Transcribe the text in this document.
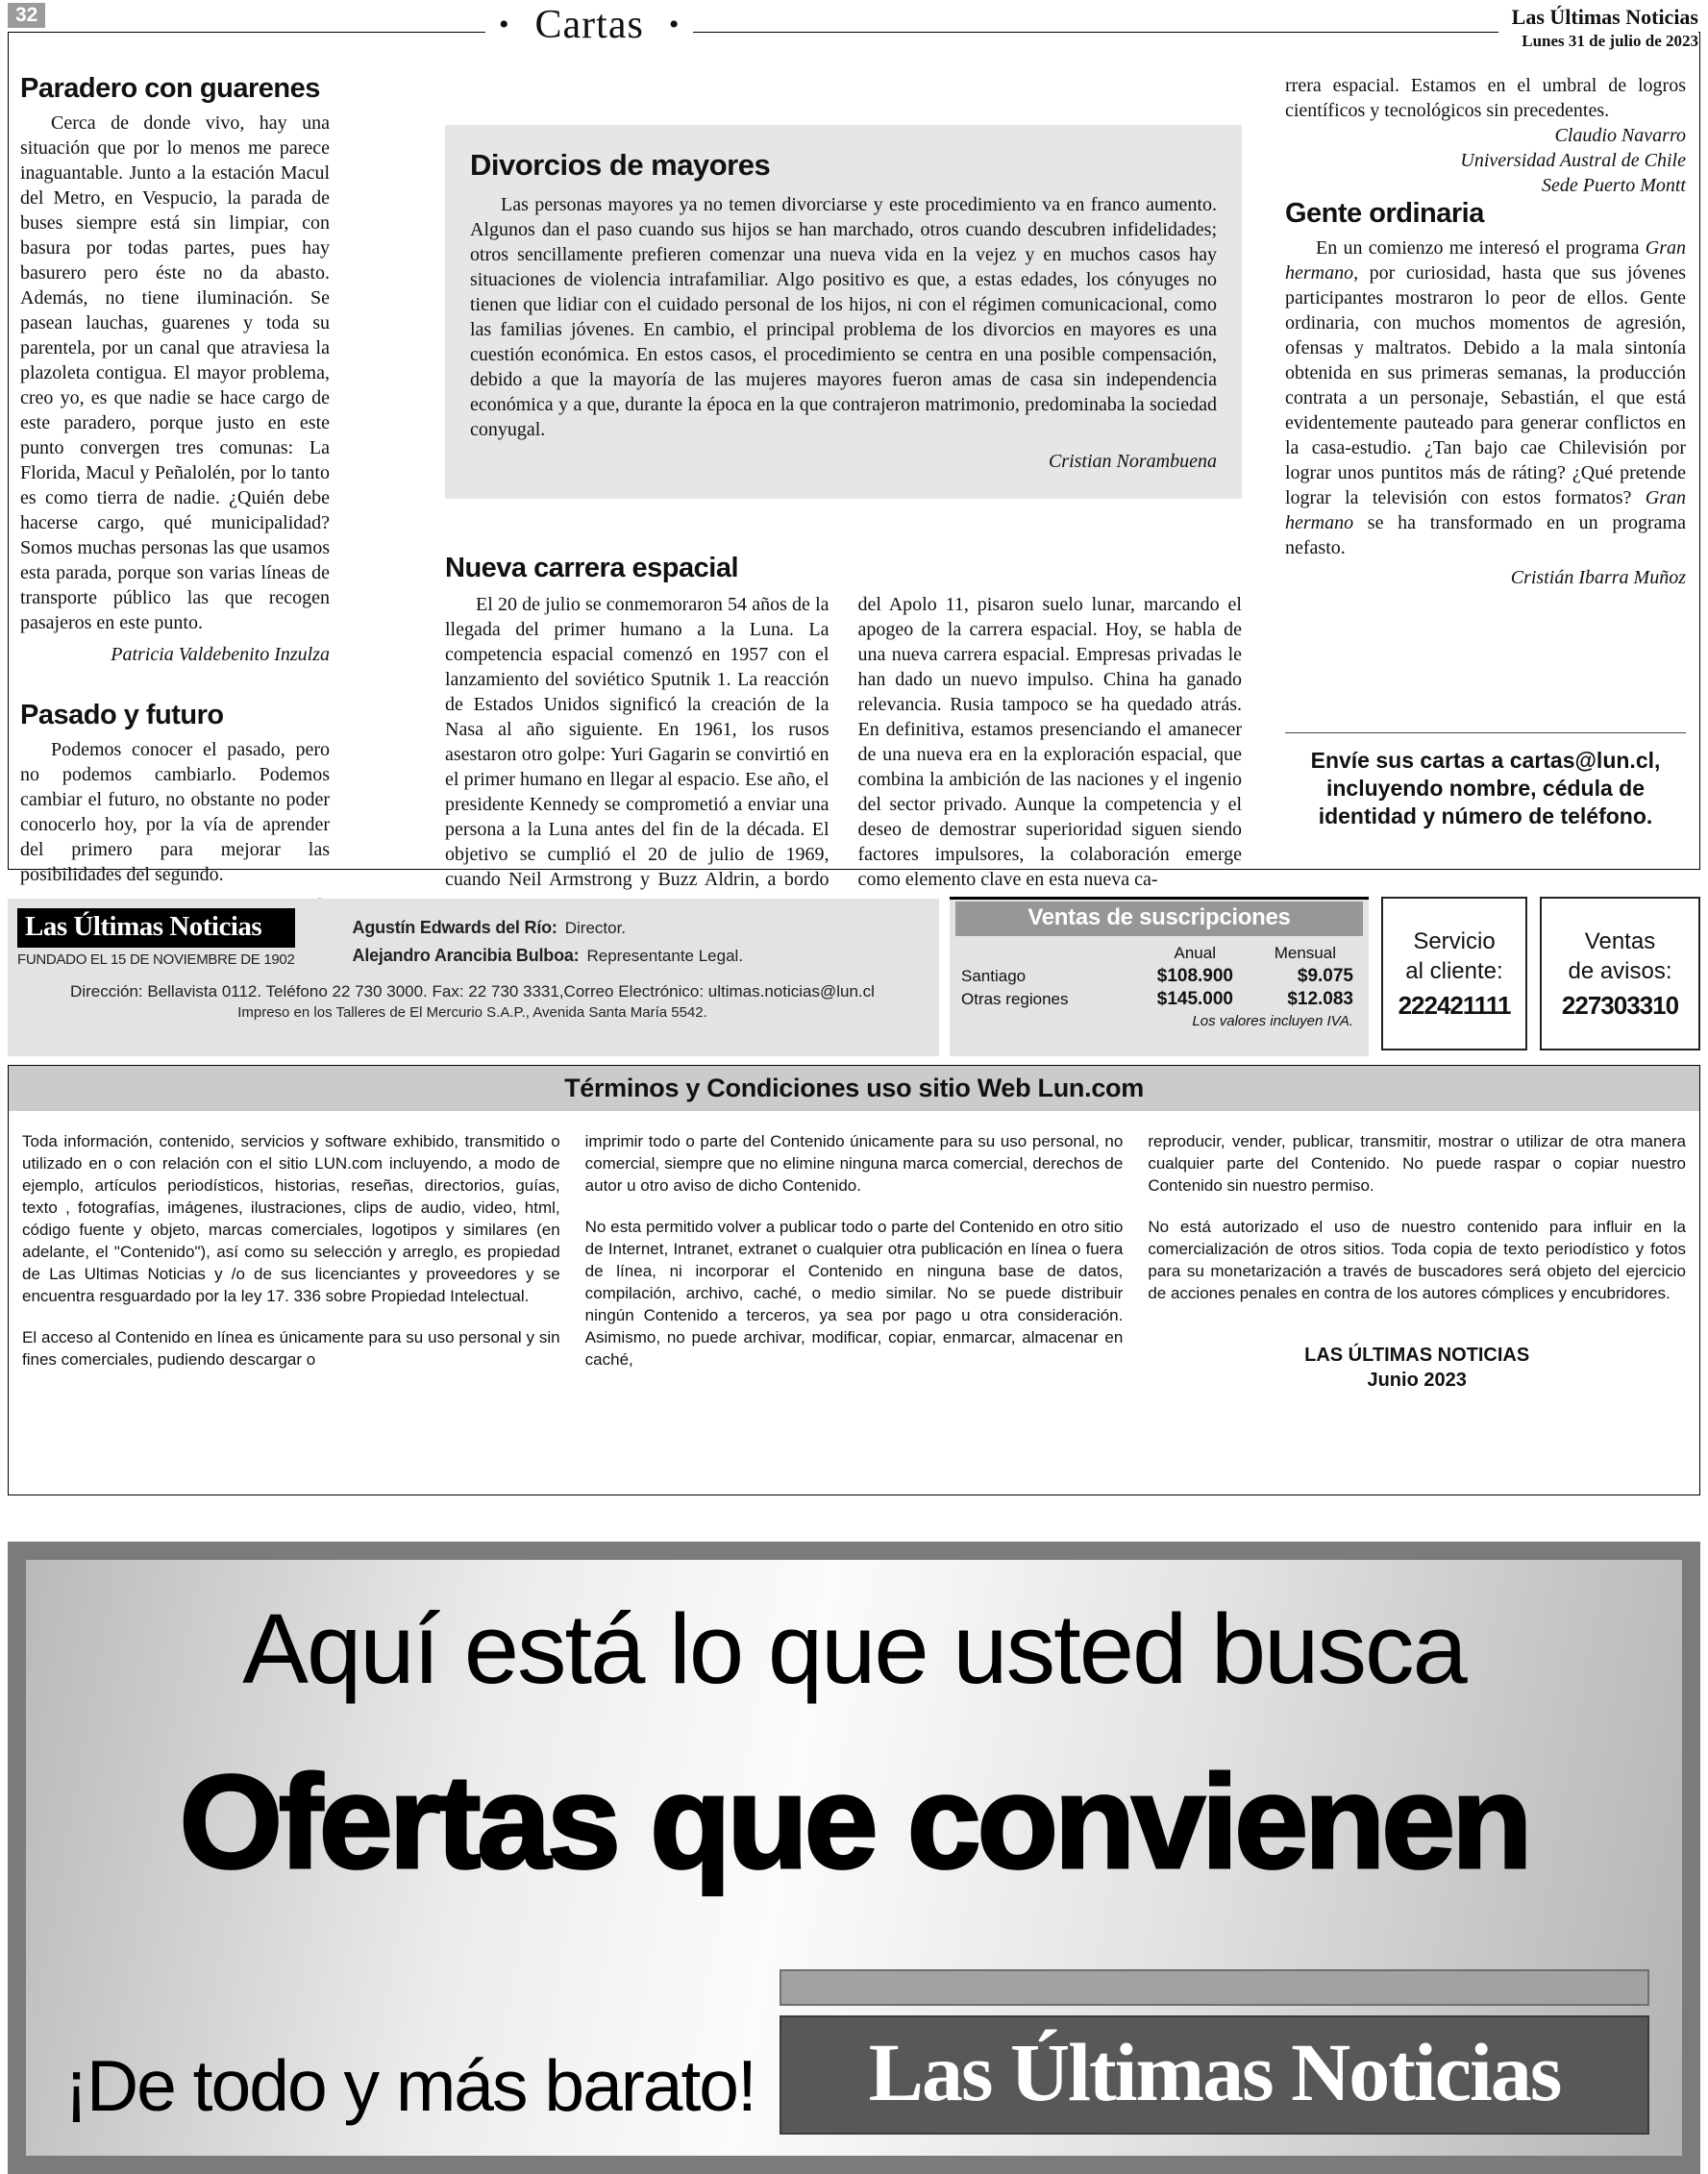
32	• Cartas •	Las Últimas Noticias
Lunes 31 de julio de 2023
Paradero con guarenes

Cerca de donde vivo, hay una situación que por lo menos me parece inaguantable. Junto a la estación Macul del Metro, en Vespucio, la parada de buses siempre está sin limpiar, con basura por todas partes, pues hay basurero pero éste no da abasto. Además, no tiene iluminación. Se pasean lauchas, guarenes y toda su parentela, por un canal que atraviesa la plazoleta contigua. El mayor problema, creo yo, es que nadie se hace cargo de este paradero, porque justo en este punto convergen tres comunas: La Florida, Macul y Peñalolén, por lo tanto es como tierra de nadie. ¿Quién debe hacerse cargo, qué municipalidad? Somos muchas personas las que usamos esta parada, porque son varias líneas de transporte público las que recogen pasajeros en este punto.

Patricia Valdebenito Inzulza
Pasado y futuro

Podemos conocer el pasado, pero no podemos cambiarlo. Podemos cambiar el futuro, no obstante no poder conocerlo hoy, por la vía de aprender del primero para mejorar las posibilidades del segundo.

Divorcios de mayores

Las personas mayores ya no temen divorciarse y este procedimiento va en franco aumento. Algunos dan el paso cuando sus hijos se han marchado, otros cuando descubren infidelidades; otros sencillamente prefieren comenzar una nueva vida en la vejez y en muchos casos hay situaciones de violencia intrafamiliar. Algo positivo es que, a estas edades, los cónyuges no tienen que lidiar con el cuidado personal de los hijos, ni con el régimen comunicacional, como las familias jóvenes. En cambio, el principal problema de los divorcios en mayores es una cuestión económica. En estos casos, el procedimiento se centra en una posible compensación, debido a que la mayoría de las mujeres mayores fueron amas de casa sin independencia económica y a que, durante la época en la que contrajeron matrimonio, predominaba la sociedad conyugal.

Cristian Norambuena
Nueva carrera espacial

El 20 de julio se conmemoraron 54 años de la llegada del primer humano a la Luna. La competencia espacial comenzó en 1957 con el lanzamiento del soviético Sputnik 1. La reacción de Estados Unidos significó la creación de la Nasa al año siguiente. En 1961, los rusos asestaron otro golpe: Yuri Gagarin se convirtió en el primer humano en llegar al espacio. Ese año, el presidente Kennedy se comprometió a enviar una persona a la Luna antes del fin de la década. El objetivo se cumplió el 20 de julio de 1969, cuando Neil Armstrong y Buzz Aldrin, a bordo del Apolo 11, pisaron suelo lunar, marcando el apogeo de la carrera espacial. Hoy, se habla de una nueva carrera espacial. Empresas privadas le han dado un nuevo impulso. China ha ganado relevancia. Rusia tampoco se ha quedado atrás. En definitiva, estamos presenciando el amanecer de una nueva era en la exploración espacial, que combina la ambición de las naciones y el ingenio del sector privado. Aunque la competencia y el deseo de demostrar superioridad siguen siendo factores impulsores, la colaboración emerge como elemento clave en esta nueva ca-

rrera espacial. Estamos en el umbral de logros científicos y tecnológicos sin precedentes.

Claudio Navarro
Universidad Austral de Chile
Sede Puerto Montt
Gente ordinaria

En un comienzo me interesó el programa Gran hermano, por curiosidad, hasta que sus jóvenes participantes mostraron lo peor de ellos. Gente ordinaria, con muchos momentos de agresión, ofensas y maltratos. Debido a la mala sintonía obtenida en sus primeras semanas, la producción contrata a un personaje, Sebastián, el que está evidentemente pauteado para generar conflictos en la casa-estudio. ¿Tan bajo cae Chilevisión por lograr unos puntitos más de ráting? ¿Qué pretende lograr la televisión con estos formatos? Gran hermano se ha transformado en un programa nefasto.

Cristián Ibarra Muñoz
Envíe sus cartas a cartas@lun.cl, incluyendo nombre, cédula de identidad y número de teléfono.
Las Últimas Noticias
FUNDADO EL 15 DE NOVIEMBRE DE 1902
Agustín Edwards del Río: Director.
Alejandro Arancibia Bulboa: Representante Legal.
Dirección: Bellavista 0112. Teléfono 22 730 3000. Fax: 22 730 3331,Correo Electrónico: ultimas.noticias@lun.cl
Impreso en los Talleres de El Mercurio S.A.P., Avenida Santa María 5542.
Ventas de suscripciones
Anual	Mensual
Santiago	$108.900	$9.075
Otras regiones	$145.000	$12.083
Los valores incluyen IVA.
Servicio
al cliente:
222421111
Ventas
de avisos:
227303310
Términos y Condiciones uso sitio Web Lun.com

Toda información, contenido, servicios y software exhibido, transmitido o utilizado en o con relación con el sitio LUN.com incluyendo, a modo de ejemplo, artículos periodísticos, historias, reseñas, directorios, guías, texto , fotografías, imágenes, ilustraciones, clips de audio, video, html, código fuente y objeto, marcas comerciales, logotipos y similares (en adelante, el "Contenido"), así como su selección y arreglo, es propiedad de Las Ultimas Noticias y /o de sus licenciantes y proveedores y se encuentra resguardado por la ley 17. 336 sobre Propiedad Intelectual.

El acceso al Contenido en línea es únicamente para su uso personal y sin fines comerciales, pudiendo descargar o

imprimir todo o parte del Contenido únicamente para su uso personal, no comercial, siempre que no elimine ninguna marca comercial, derechos de autor u otro aviso de dicho Contenido.

No esta permitido volver a publicar todo o parte del Contenido en otro sitio de Internet, Intranet, extranet o cualquier otra publicación en línea o fuera de línea, ni incorporar el Contenido en ninguna base de datos, compilación, archivo, caché, o medio similar. No se puede distribuir ningún Contenido a terceros, ya sea por pago u otra consideración. Asimismo, no puede archivar, modificar, copiar, enmarcar, almacenar en caché,

reproducir, vender, publicar, transmitir, mostrar o utilizar de otra manera cualquier parte del Contenido. No puede raspar o copiar nuestro Contenido sin nuestro permiso.

No está autorizado el uso de nuestro contenido para influir en la comercialización de otros sitios. Toda copia de texto periodístico y fotos para su monetarización a través de buscadores será objeto del ejercicio de acciones penales en contra de los autores cómplices y encubridores.

LAS ÚLTIMAS NOTICIAS
Junio 2023
Aquí está lo que usted busca
Ofertas que convienen
¡De todo y más barato!	Las Últimas Noticias
